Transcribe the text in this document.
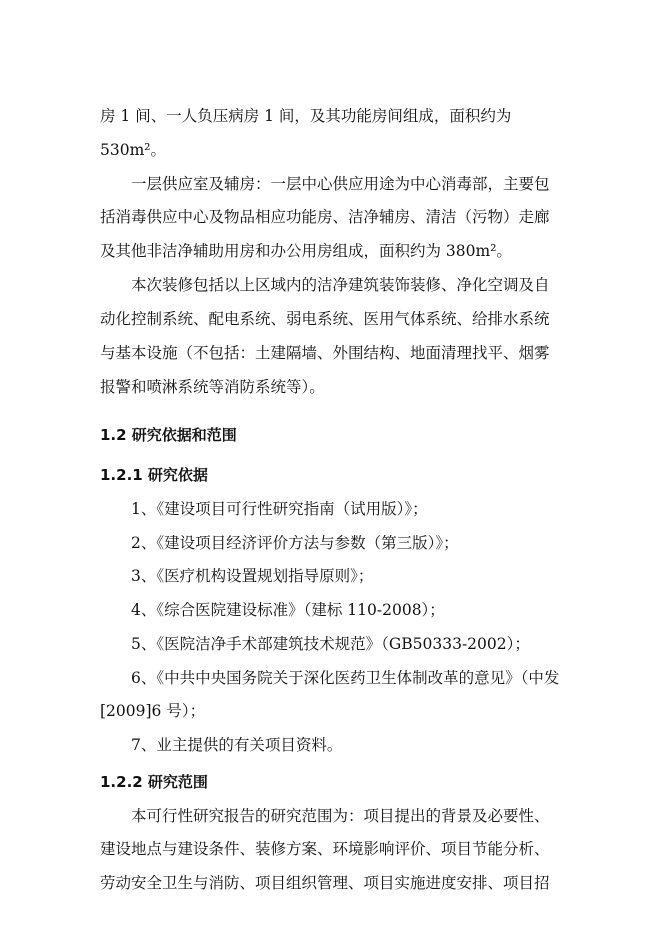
房 1 间、一人负压病房 1 间，及其功能房间组成，面积约为
530m²。
一层供应室及辅房：一层中心供应用途为中心消毒部，主要包
括消毒供应中心及物品相应功能房、洁净辅房、清洁（污物）走廊
及其他非洁净辅助用房和办公用房组成，面积约为 380m²。
本次装修包括以上区域内的洁净建筑装饰装修、净化空调及自
动化控制系统、配电系统、弱电系统、医用气体系统、给排水系统
与基本设施（不包括：土建隔墙、外围结构、地面清理找平、烟雾
报警和喷淋系统等消防系统等）。
1.2 研究依据和范围
1.2.1 研究依据
1、《建设项目可行性研究指南（试用版）》；
2、《建设项目经济评价方法与参数（第三版）》；
3、《医疗机构设置规划指导原则》；
4、《综合医院建设标准》（建标 110-2008）；
5、《医院洁净手术部建筑技术规范》（GB50333-2002）；
6、《中共中央国务院关于深化医药卫生体制改革的意见》（中发
[2009]6 号）；
7、业主提供的有关项目资料。
1.2.2 研究范围
本可行性研究报告的研究范围为：项目提出的背景及必要性、
建设地点与建设条件、装修方案、环境影响评价、项目节能分析、
劳动安全卫生与消防、项目组织管理、项目实施进度安排、项目招
